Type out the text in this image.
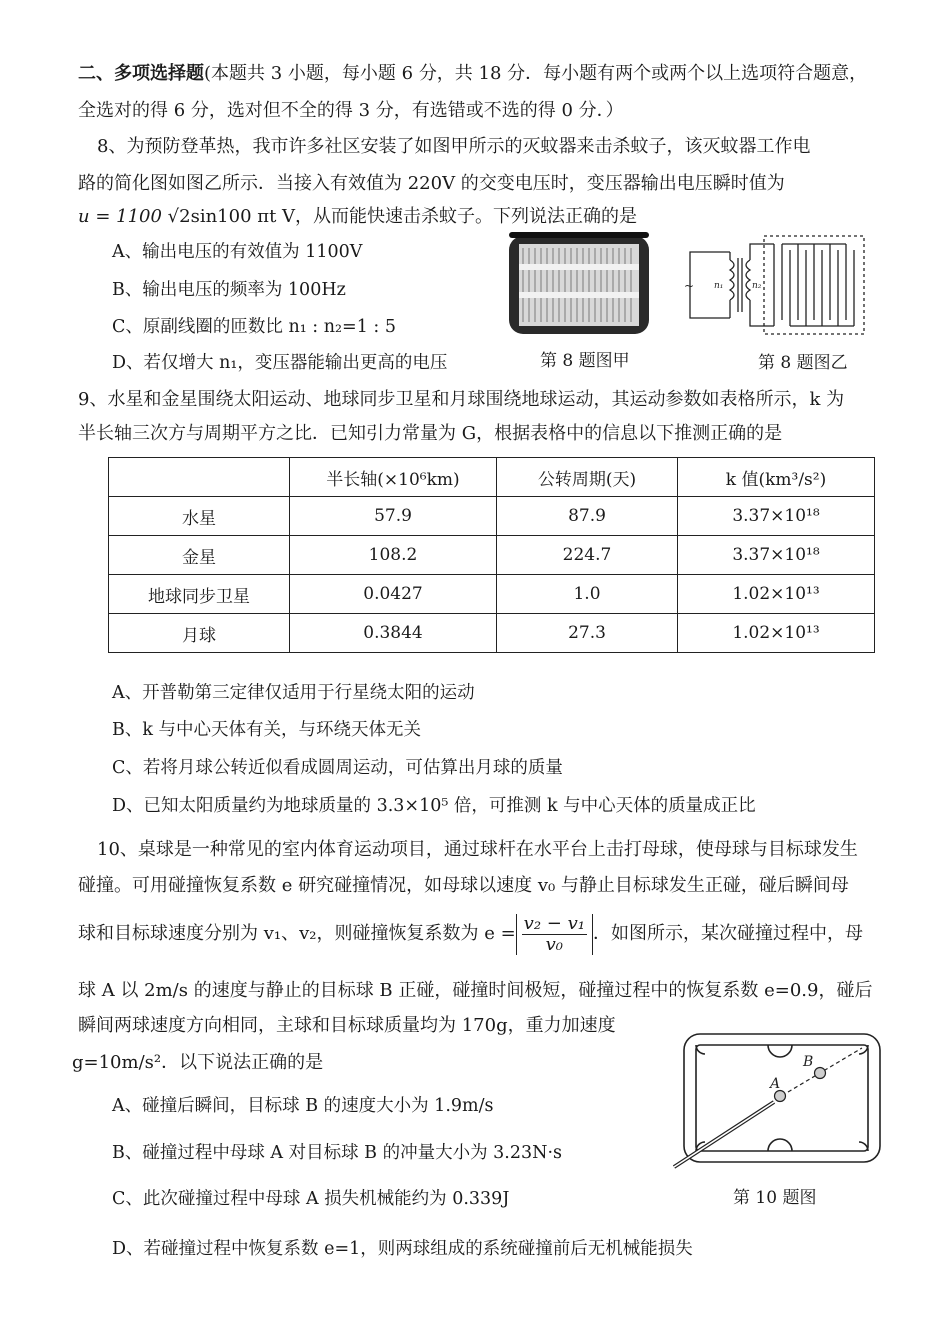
二、多项选择题(本题共 3 小题，每小题 6 分，共 18 分．每小题有两个或两个以上选项符合题意，
全选对的得 6 分，选对但不全的得 3 分，有选错或不选的得 0 分．）
8、为预防登革热，我市许多社区安装了如图甲所示的灭蚊器来击杀蚊子，该灭蚊器工作电
路的简化图如图乙所示．当接入有效值为 220V 的交变电压时，变压器输出电压瞬时值为
u = 1100 √2sin100 πt V，从而能快速击杀蚊子。下列说法正确的是
A、输出电压的有效值为 1100V
B、输出电压的频率为 100Hz
C、原副线圈的匝数比 n₁ : n₂=1 : 5
D、若仅增大 n₁，变压器能输出更高的电压	第 8 题图甲
~ n₁	n₂
第 8 题图乙
9、水星和金星围绕太阳运动、地球同步卫星和月球围绕地球运动，其运动参数如表格所示，k 为
半长轴三次方与周期平方之比．已知引力常量为 G，根据表格中的信息以下推测正确的是
	半长轴(×10⁶km)	公转周期(天)	k 值(km³/s²)
水星	57.9	87.9	3.37×10¹⁸
金星	108.2	224.7	3.37×10¹⁸
地球同步卫星	0.0427	1.0	1.02×10¹³
月球	0.3844	27.3	1.02×10¹³
A、开普勒第三定律仅适用于行星绕太阳的运动
B、k 与中心天体有关，与环绕天体无关
C、若将月球公转近似看成圆周运动，可估算出月球的质量
D、已知太阳质量约为地球质量的 3.3×10⁵ 倍，可推测 k 与中心天体的质量成正比
10、桌球是一种常见的室内体育运动项目，通过球杆在水平台上击打母球，使母球与目标球发生
碰撞。可用碰撞恢复系数 e 研究碰撞情况，如母球以速度 v₀ 与静止目标球发生正碰，碰后瞬间母
球和目标球速度分别为 v₁、v₂，则碰撞恢复系数为 $e = \frac{\text{v₂ − v₁}}{\text{v₀}}$ ．如图所示，某次碰撞过程中，母
球 A 以 2m/s 的速度与静止的目标球 B 正碰，碰撞时间极短，碰撞过程中的恢复系数 e=0.9，碰后
瞬间两球速度方向相同，主球和目标球质量均为 170g，重力加速度
g=10m/s²．以下说法正确的是
A、碰撞后瞬间，目标球 B 的速度大小为 1.9m/s
B、碰撞过程中母球 A 对目标球 B 的冲量大小为 3.23N·s
C、此次碰撞过程中母球 A 损失机械能约为 0.339J
D、若碰撞过程中恢复系数 e=1，则两球组成的系统碰撞前后无机械能损失
A
B
第 10 题图
